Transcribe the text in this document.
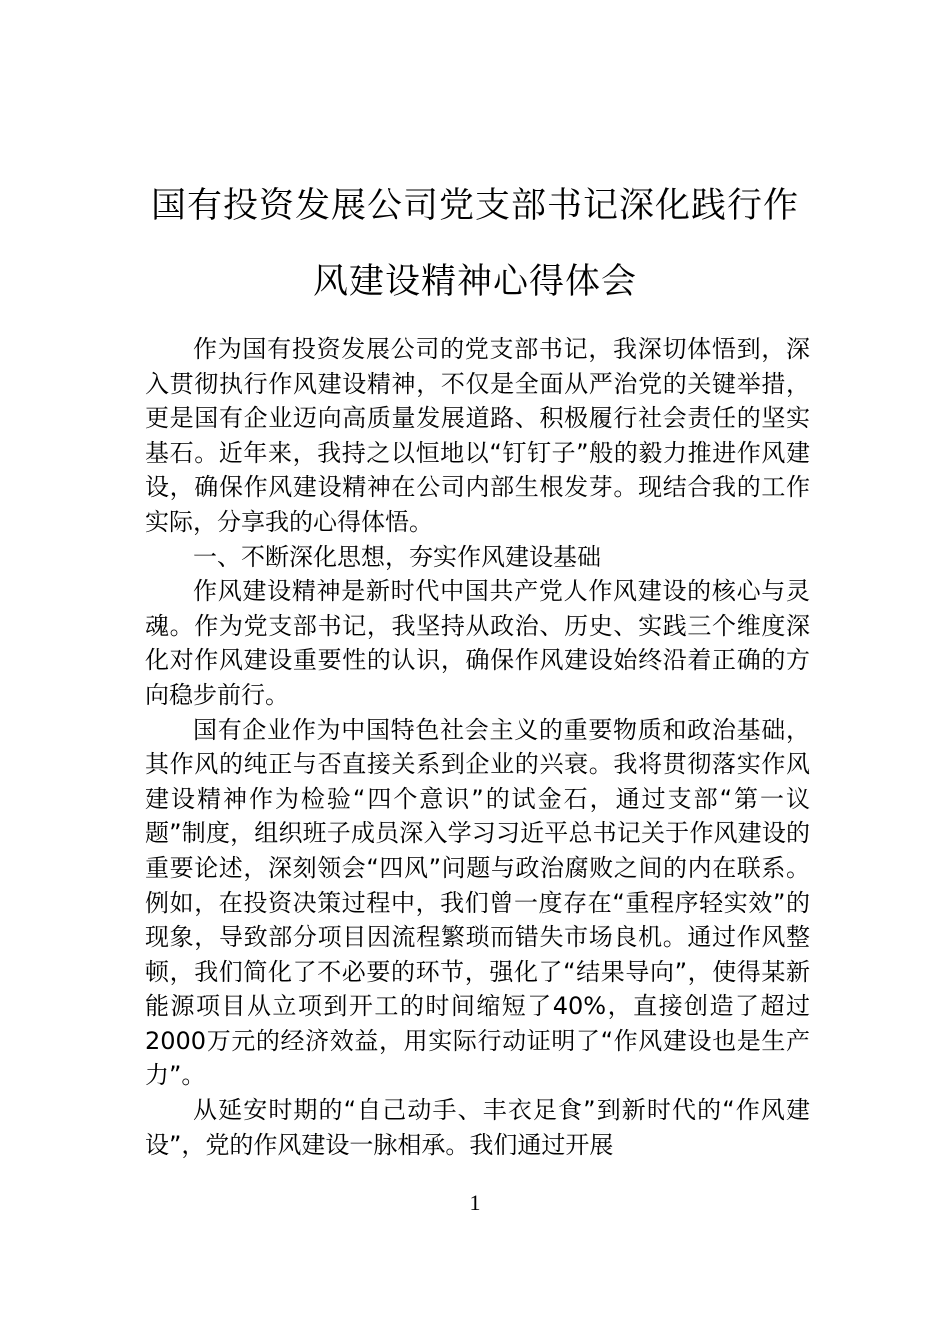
国有投资发展公司党支部书记深化践行作
风建设精神心得体会

作为国有投资发展公司的党支部书记，我深切体悟到，深入贯彻执行作风建设精神，不仅是全面从严治党的关键举措，更是国有企业迈向高质量发展道路、积极履行社会责任的坚实基石。近年来，我持之以恒地以“钉钉子”般的毅力推进作风建设，确保作风建设精神在公司内部生根发芽。现结合我的工作实际，分享我的心得体悟。

一、不断深化思想，夯实作风建设基础

作风建设精神是新时代中国共产党人作风建设的核心与灵魂。作为党支部书记，我坚持从政治、历史、实践三个维度深化对作风建设重要性的认识，确保作风建设始终沿着正确的方向稳步前行。

国有企业作为中国特色社会主义的重要物质和政治基础，其作风的纯正与否直接关系到企业的兴衰。我将贯彻落实作风建设精神作为检验“四个意识”的试金石，通过支部“第一议题”制度，组织班子成员深入学习习近平总书记关于作风建设的重要论述，深刻领会“四风”问题与政治腐败之间的内在联系。例如，在投资决策过程中，我们曾一度存在“重程序轻实效”的现象，导致部分项目因流程繁琐而错失市场良机。通过作风整顿，我们简化了不必要的环节，强化了“结果导向”，使得某新能源项目从立项到开工的时间缩短了40%，直接创造了超过2000万元的经济效益，用实际行动证明了“作风建设也是生产力”。

从延安时期的“自己动手、丰衣足食”到新时代的“作风建设”，党的作风建设一脉相承。我们通过开展

1
